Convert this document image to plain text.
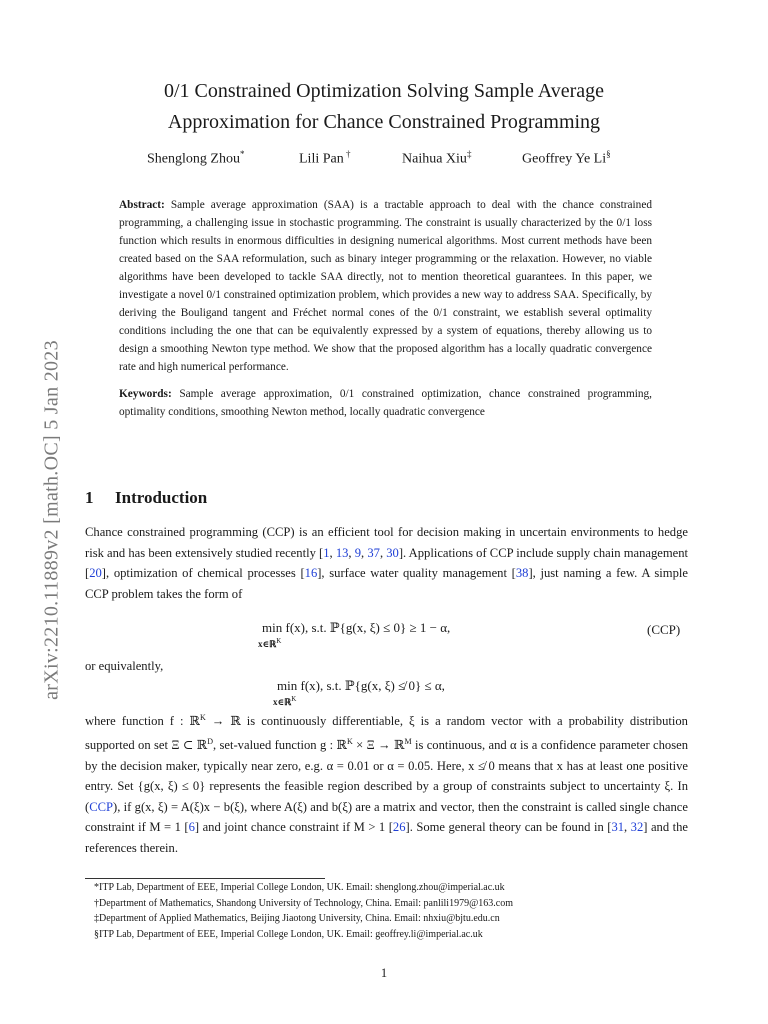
arXiv:2210.11889v2 [math.OC] 5 Jan 2023
0/1 Constrained Optimization Solving Sample Average
Approximation for Chance Constrained Programming
Shenglong Zhou*	Lili Pan †	Naihua Xiu‡	Geoffrey Ye Li§

Abstract: Sample average approximation (SAA) is a tractable approach to deal with the chance constrained programming, a challenging issue in stochastic programming. The constraint is usually characterized by the 0/1 loss function which results in enormous difficulties in designing numerical algorithms. Most current methods have been created based on the SAA reformulation, such as binary integer programming or the relaxation. However, no viable algorithms have been developed to tackle SAA directly, not to mention theoretical guarantees. In this paper, we investigate a novel 0/1 constrained optimization problem, which provides a new way to address SAA. Specifically, by deriving the Bouligand tangent and Fréchet normal cones of the 0/1 constraint, we establish several optimality conditions including the one that can be equivalently expressed by a system of equations, thereby allowing us to design a smoothing Newton type method. We show that the proposed algorithm has a locally quadratic convergence rate and high numerical performance.

Keywords: Sample average approximation, 0/1 constrained optimization, chance constrained programming, optimality conditions, smoothing Newton method, locally quadratic convergence

1 Introduction

Chance constrained programming (CCP) is an efficient tool for decision making in uncertain environments to hedge risk and has been extensively studied recently [1, 13, 9, 37, 30]. Applications of CCP include supply chain management [20], optimization of chemical processes [16], surface water quality management [38], just naming a few. A simple CCP problem takes the form of

min f(x), s.t. ℙ{g(x, ξ) ≤ 0} ≥ 1 − α,
x∈ℝ$^K$
(CCP)
or equivalently,
min f(x), s.t. ℙ{g(x, ξ) ≰ 0} ≤ α,
x∈ℝ$^K$

where function f : ℝ$^K$ → ℝ is continuously differentiable, ξ is a random vector with a probability distribution supported on set Ξ ⊂ ℝ$^D$, set-valued function g : ℝ$^K$ × Ξ → ℝ$^M$ is continuous, and α is a confidence parameter chosen by the decision maker, typically near zero, e.g. α = 0.01 or α = 0.05. Here, x ≰ 0 means that x has at least one positive entry. Set {g(x, ξ) ≤ 0} represents the feasible region described by a group of constraints subject to uncertainty ξ. In (CCP), if g(x, ξ) = A(ξ)x − b(ξ), where A(ξ) and b(ξ) are a matrix and vector, then the constraint is called single chance constraint if M = 1 [6] and joint chance constraint if M > 1 [26]. Some general theory can be found in [31, 32] and the references therein.

*ITP Lab, Department of EEE, Imperial College London, UK. Email: shenglong.zhou@imperial.ac.uk
†Department of Mathematics, Shandong University of Technology, China. Email: panlili1979@163.com
‡Department of Applied Mathematics, Beijing Jiaotong University, China. Email: nhxiu@bjtu.edu.cn
§ITP Lab, Department of EEE, Imperial College London, UK. Email: geoffrey.li@imperial.ac.uk
1
